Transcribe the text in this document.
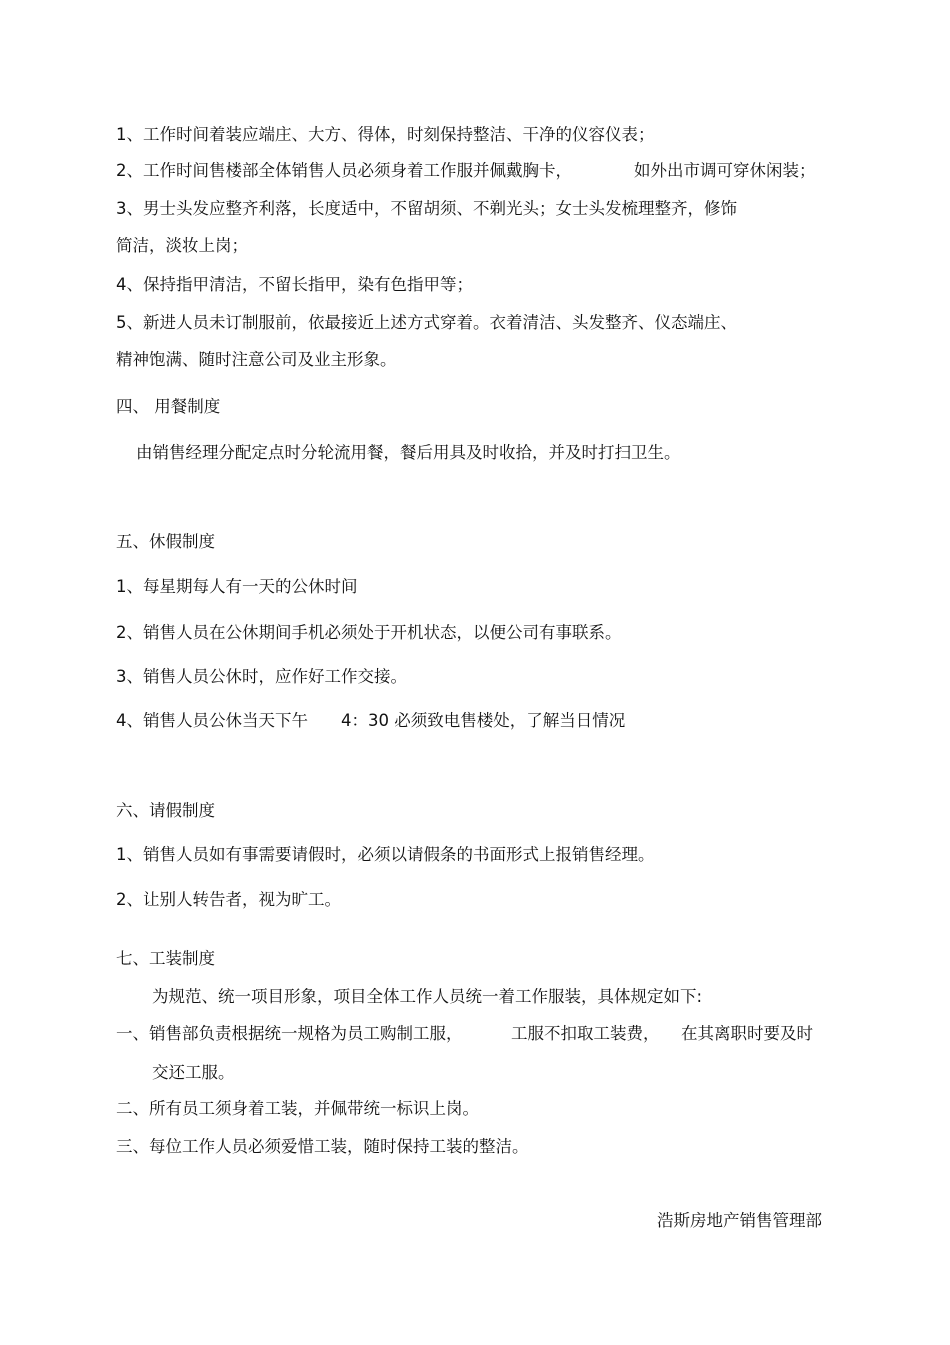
1、工作时间着装应端庄、大方、得体，时刻保持整洁、干净的仪容仪表；

2、工作时间售楼部全体销售人员必须身着工作服并佩戴胸卡，	如外出市调可穿休闲装；

3、男士头发应整齐利落，长度适中，不留胡须、不剃光头；女士头发梳理整齐，修饰

简洁，淡妆上岗；

4、保持指甲清洁，不留长指甲，染有色指甲等；

5、新进人员未订制服前，依最接近上述方式穿着。衣着清洁、头发整齐、仪态端庄、

精神饱满、随时注意公司及业主形象。

四、 用餐制度

由销售经理分配定点时分轮流用餐，餐后用具及时收拾，并及时打扫卫生。

五、休假制度

1、每星期每人有一天的公休时间

2、销售人员在公休期间手机必须处于开机状态，以便公司有事联系。

3、销售人员公休时，应作好工作交接。

4、销售人员公休当天下午 4：30 必须致电售楼处，了解当日情况

六、请假制度

1、销售人员如有事需要请假时，必须以请假条的书面形式上报销售经理。

2、让别人转告者，视为旷工。

七、工装制度

为规范、统一项目形象，项目全体工作人员统一着工作服装，具体规定如下:

一、销售部负责根据统一规格为员工购制工服，	工服不扣取工装费， 在其离职时要及时

交还工服。

二、所有员工须身着工装，并佩带统一标识上岗。

三、每位工作人员必须爱惜工装，随时保持工装的整洁。

浩斯房地产销售管理部
